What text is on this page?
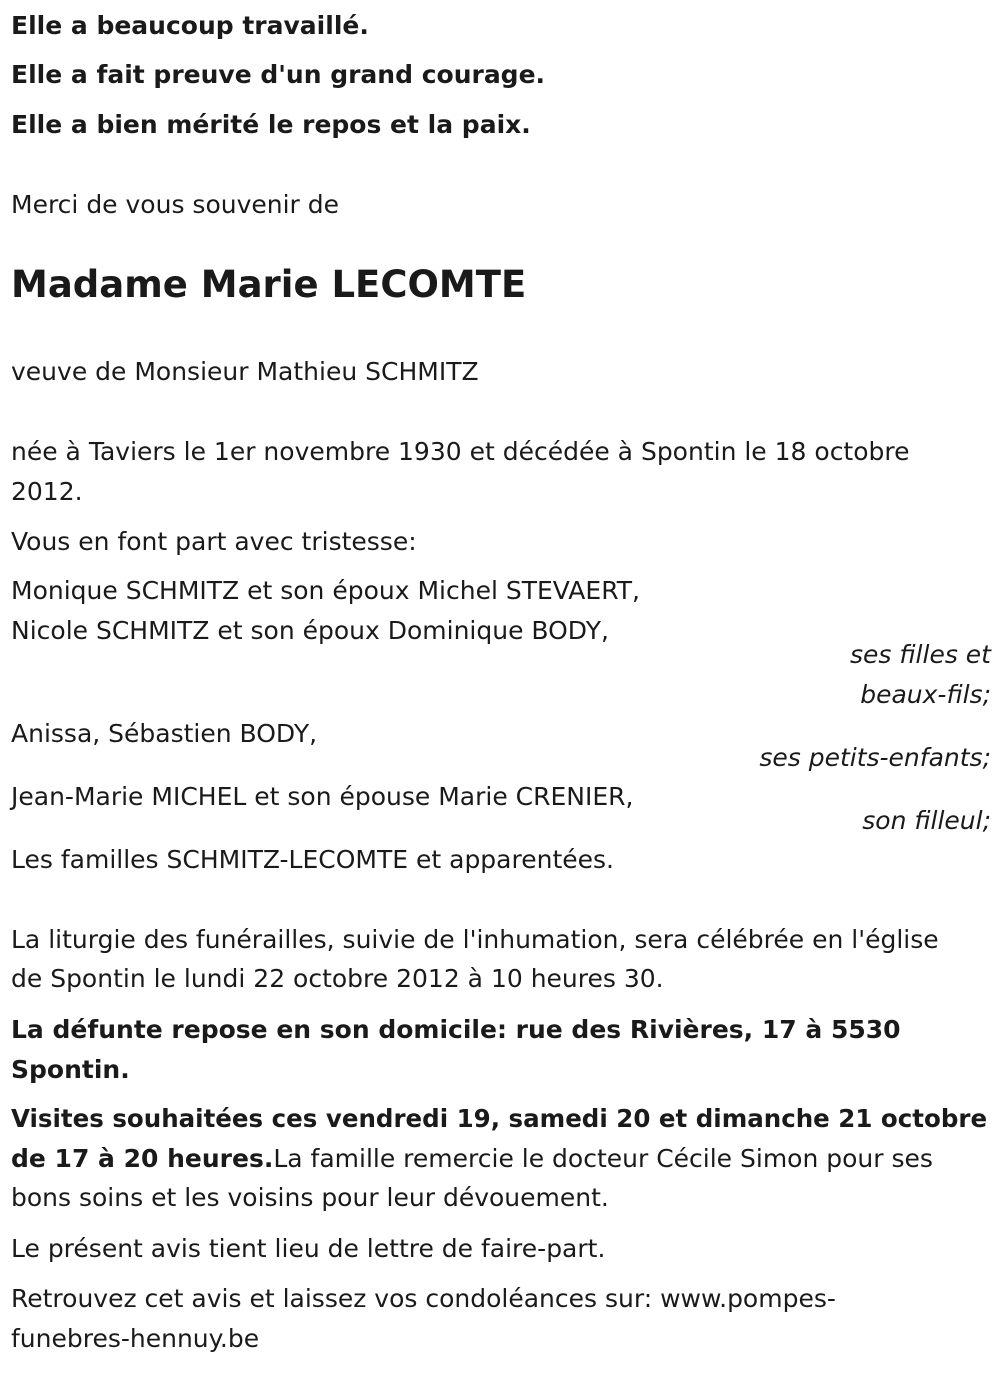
Elle a beaucoup travaillé.
Elle a fait preuve d'un grand courage.
Elle a bien mérité le repos et la paix.
Merci de vous souvenir de
Madame Marie LECOMTE
veuve de Monsieur Mathieu SCHMITZ
née à Taviers le 1er novembre 1930 et décédée à Spontin le 18 octobre
2012.
Vous en font part avec tristesse:
Monique SCHMITZ et son époux Michel STEVAERT,
Nicole SCHMITZ et son époux Dominique BODY,
ses filles et
beaux-fils;
Anissa, Sébastien BODY,
ses petits-enfants;
Jean-Marie MICHEL et son épouse Marie CRENIER,
son filleul;
Les familles SCHMITZ-LECOMTE et apparentées.
La liturgie des funérailles, suivie de l'inhumation, sera célébrée en l'église
de Spontin le lundi 22 octobre 2012 à 10 heures 30.
La défunte repose en son domicile: rue des Rivières, 17 à 5530
Spontin.
Visites souhaitées ces vendredi 19, samedi 20 et dimanche 21 octobre
de 17 à 20 heures.La famille remercie le docteur Cécile Simon pour ses
bons soins et les voisins pour leur dévouement.
Le présent avis tient lieu de lettre de faire-part.
Retrouvez cet avis et laissez vos condoléances sur: www.pompes-
funebres-hennuy.be
